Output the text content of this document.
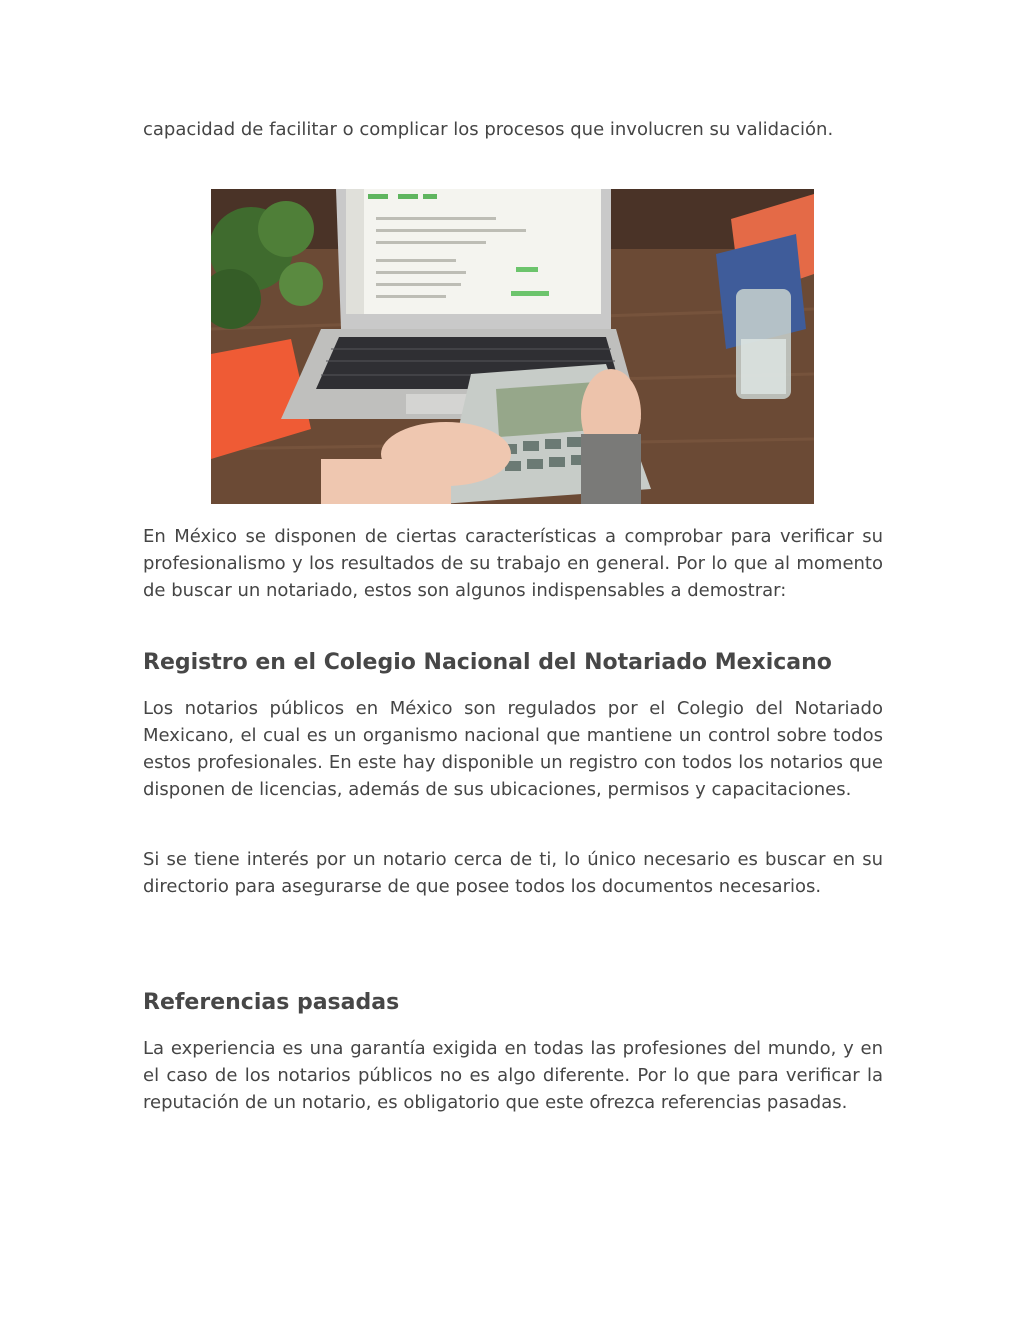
capacidad de facilitar o complicar los procesos que involucren su validación.

En México se disponen de ciertas características a comprobar para verificar su profesionalismo y los resultados de su trabajo en general. Por lo que al momento de buscar un notariado, estos son algunos indispensables a demostrar:

Registro en el Colegio Nacional del Notariado Mexicano

Los notarios públicos en México son regulados por el Colegio del Notariado Mexicano, el cual es un organismo nacional que mantiene un control sobre todos estos profesionales. En este hay disponible un registro con todos los notarios que disponen de licencias, además de sus ubicaciones, permisos y capacitaciones.

Si se tiene interés por un notario cerca de ti, lo único necesario es buscar en su directorio para asegurarse de que posee todos los documentos necesarios.

Referencias pasadas

La experiencia es una garantía exigida en todas las profesiones del mundo, y en el caso de los notarios públicos no es algo diferente. Por lo que para verificar la reputación de un notario, es obligatorio que este ofrezca referencias pasadas.
